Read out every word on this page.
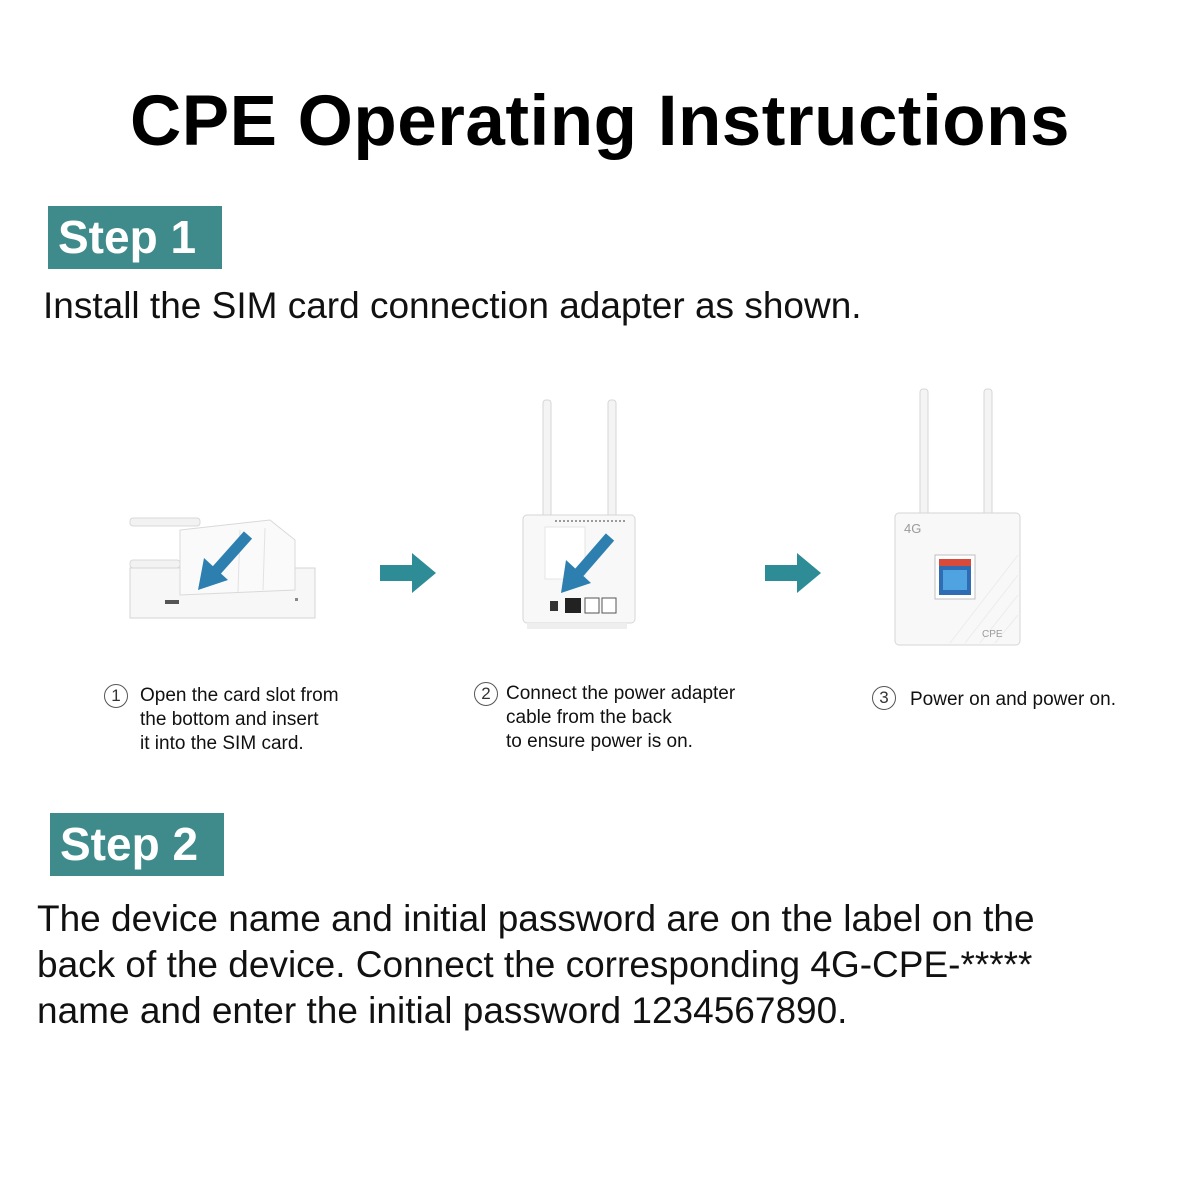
CPE Operating Instructions
Step 1
Install the SIM card connection adapter as shown.
4G
CPE
1	Open the card slot from
the bottom and insert
it into the SIM card.
2 Connect the power adapter
cable from the back
to ensure power is on.
3	Power on and power on.
Step 2
The device name and initial password are on the label on the
back of the device. Connect the corresponding 4G-CPE-*****
name and enter the initial password 1234567890.
